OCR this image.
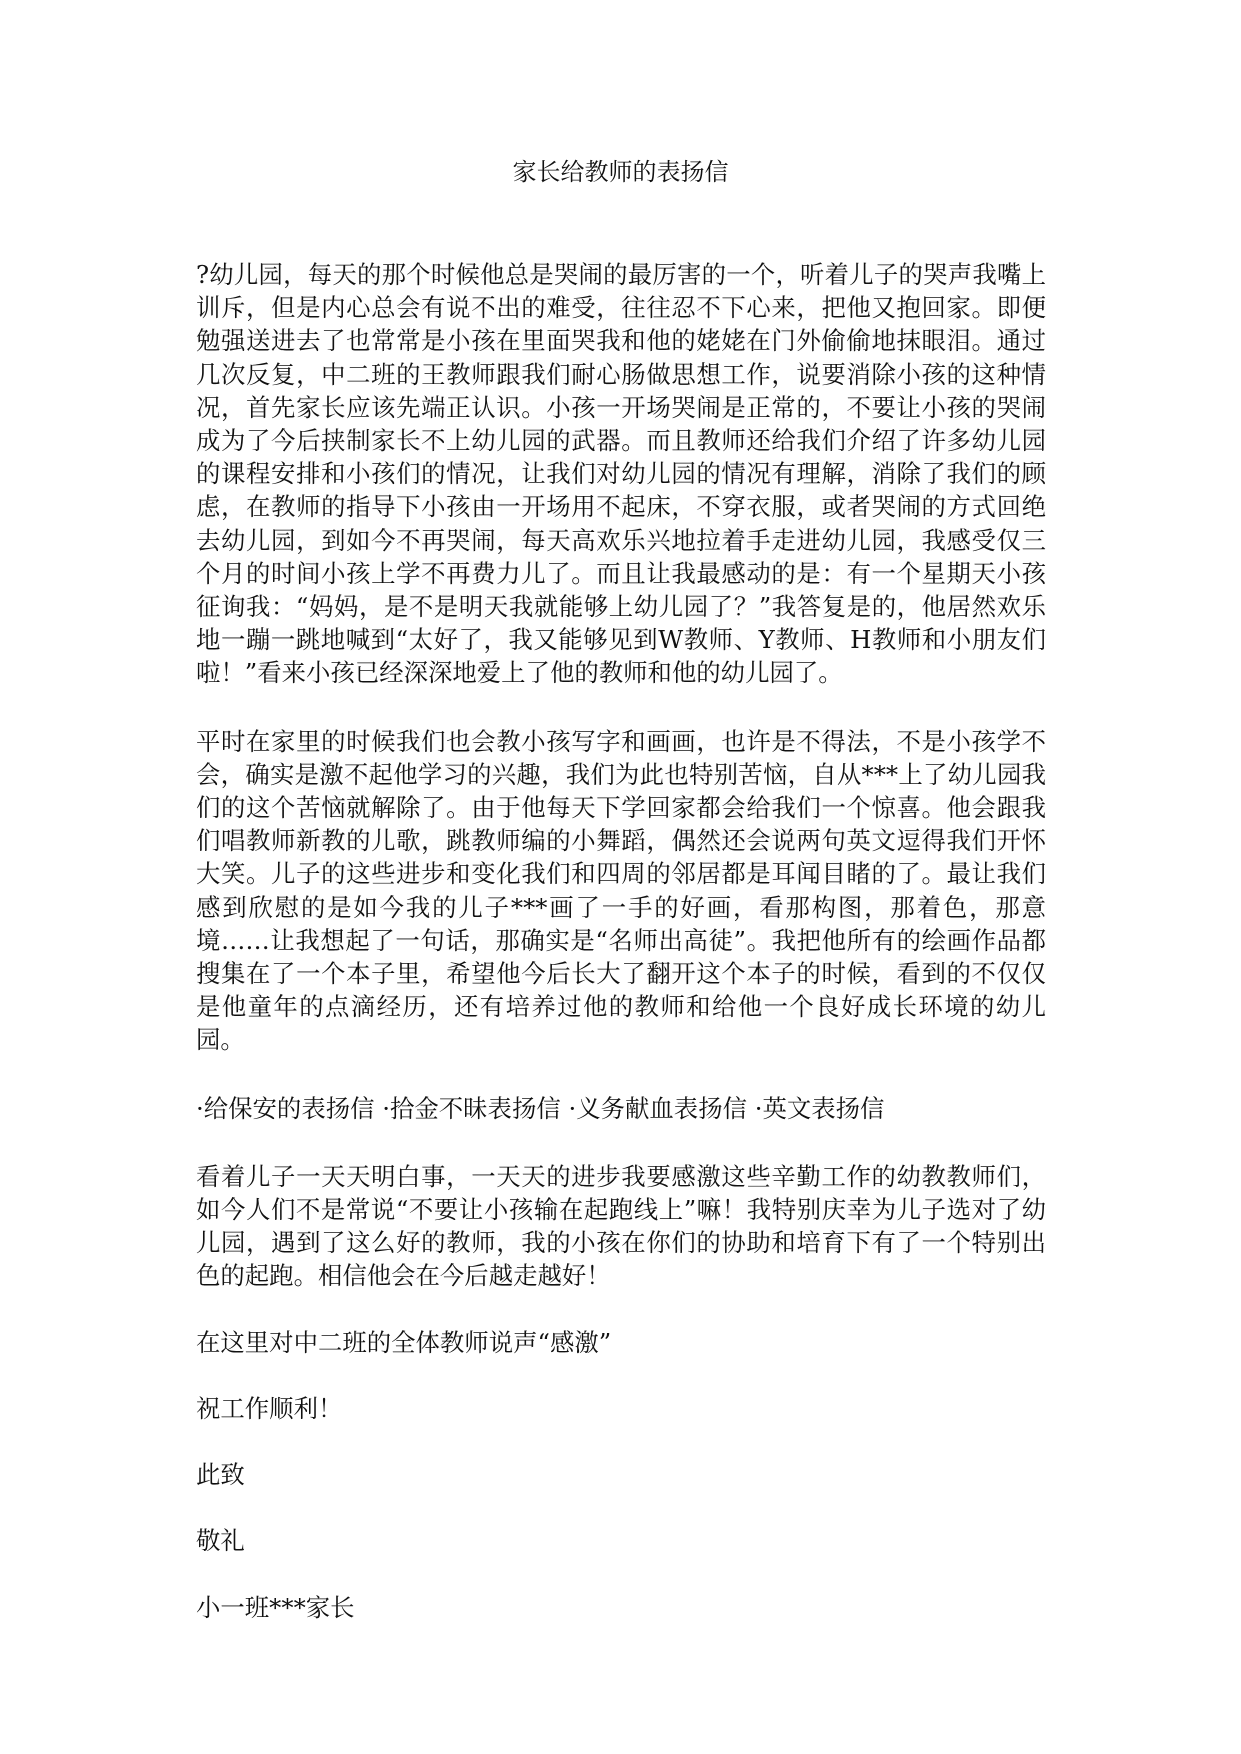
家长给教师的表扬信

?幼儿园，每天的那个时候他总是哭闹的最厉害的一个，听着儿子的哭声我嘴上训斥，但是内心总会有说不出的难受，往往忍不下心来，把他又抱回家。即便勉强送进去了也常常是小孩在里面哭我和他的姥姥在门外偷偷地抹眼泪。通过几次反复，中二班的王教师跟我们耐心肠做思想工作，说要消除小孩的这种情况，首先家长应该先端正认识。小孩一开场哭闹是正常的，不要让小孩的哭闹成为了今后挟制家长不上幼儿园的武器。而且教师还给我们介绍了许多幼儿园的课程安排和小孩们的情况，让我们对幼儿园的情况有理解，消除了我们的顾虑，在教师的指导下小孩由一开场用不起床，不穿衣服，或者哭闹的方式回绝去幼儿园，到如今不再哭闹，每天高欢乐兴地拉着手走进幼儿园，我感受仅三个月的时间小孩上学不再费力儿了。而且让我最感动的是：有一个星期天小孩征询我：“妈妈，是不是明天我就能够上幼儿园了？”我答复是的，他居然欢乐地一蹦一跳地喊到“太好了，我又能够见到W教师、Y教师、H教师和小朋友们啦！”看来小孩已经深深地爱上了他的教师和他的幼儿园了。

平时在家里的时候我们也会教小孩写字和画画，也许是不得法，不是小孩学不会，确实是激不起他学习的兴趣，我们为此也特别苦恼，自从***上了幼儿园我们的这个苦恼就解除了。由于他每天下学回家都会给我们一个惊喜。他会跟我们唱教师新教的儿歌，跳教师编的小舞蹈，偶然还会说两句英文逗得我们开怀大笑。儿子的这些进步和变化我们和四周的邻居都是耳闻目睹的了。最让我们感到欣慰的是如今我的儿子***画了一手的好画，看那构图，那着色，那意境……让我想起了一句话，那确实是“名师出高徒”。我把他所有的绘画作品都搜集在了一个本子里，希望他今后长大了翻开这个本子的时候，看到的不仅仅是他童年的点滴经历，还有培养过他的教师和给他一个良好成长环境的幼儿园。

·给保安的表扬信 ·拾金不昧表扬信 ·义务献血表扬信 ·英文表扬信

看着儿子一天天明白事，一天天的进步我要感激这些辛勤工作的幼教教师们，如今人们不是常说“不要让小孩输在起跑线上”嘛！我特别庆幸为儿子选对了幼儿园，遇到了这么好的教师，我的小孩在你们的协助和培育下有了一个特别出色的起跑。相信他会在今后越走越好！

在这里对中二班的全体教师说声“感激”

祝工作顺利！

此致

敬礼

小一班***家长
